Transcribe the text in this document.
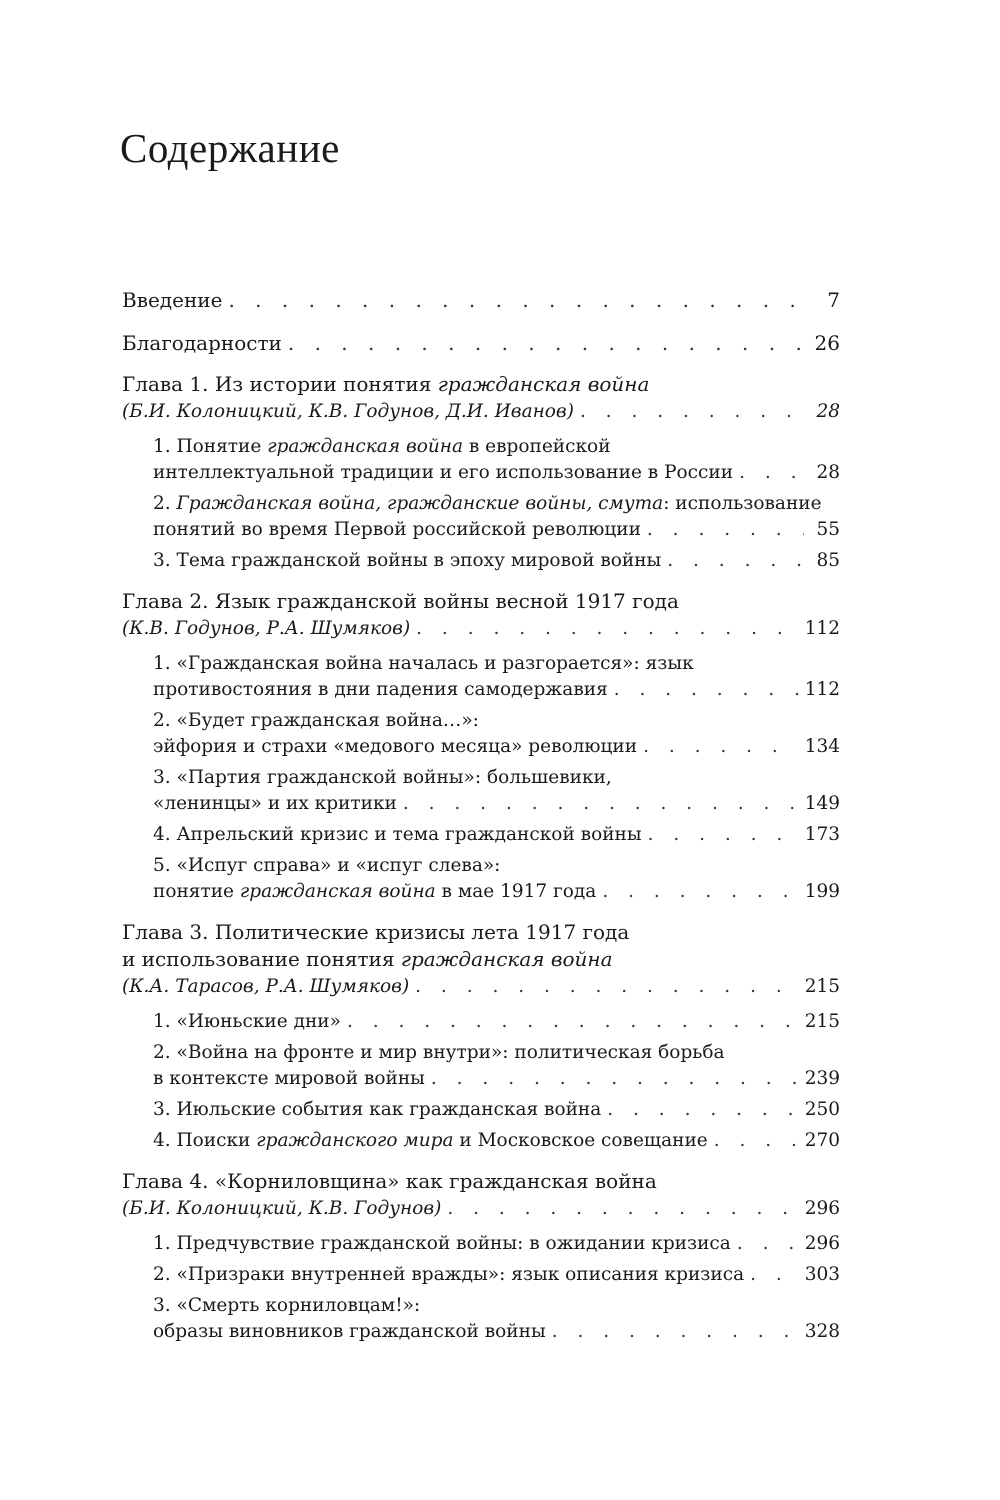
Содержание
Введение . . .	7
Благодарности . . .	26
Глава 1. Из истории понятия гражданская война
(Б.И. Колоницкий, К.В. Годунов, Д.И. Иванов) . . .	28
1. Понятие гражданская война в европейской
интеллектуальной традиции и его использование в России . . .	28
2. Гражданская война, гражданские войны, смута: использование
понятий во время Первой российской революции . . .	55
3. Тема гражданской войны в эпоху мировой войны . . .	85
Глава 2. Язык гражданской войны весной 1917 года
(К.В. Годунов, Р.А. Шумяков) . . .	112
1. «Гражданская война началась и разгорается»: язык
противостояния в дни падения самодержавия . . .	112
2. «Будет гражданская война…»:
эйфория и страхи «медового месяца» революции . . .	134
3. «Партия гражданской войны»: большевики,
«ленинцы» и их критики . . .	149
4. Апрельский кризис и тема гражданской войны . . .	173
5. «Испуг справа» и «испуг слева»:
понятие гражданская война в мае 1917 года . . .	199
Глава 3. Политические кризисы лета 1917 года
и использование понятия гражданская война
(К.А. Тарасов, Р.А. Шумяков) . . .	215
1. «Июньские дни» . . .	215
2. «Война на фронте и мир внутри»: политическая борьба
в контексте мировой войны . . .	239
3. Июльские события как гражданская война . . .	250
4. Поиски гражданского мира и Московское совещание . . .	270
Глава 4. «Корниловщина» как гражданская война
(Б.И. Колоницкий, К.В. Годунов) . . .	296
1. Предчувствие гражданской войны: в ожидании кризиса . . .	296
2. «Призраки внутренней вражды»: язык описания кризиса . . .	303
3. «Смерть корниловцам!»:
образы виновников гражданской войны . . .	328
